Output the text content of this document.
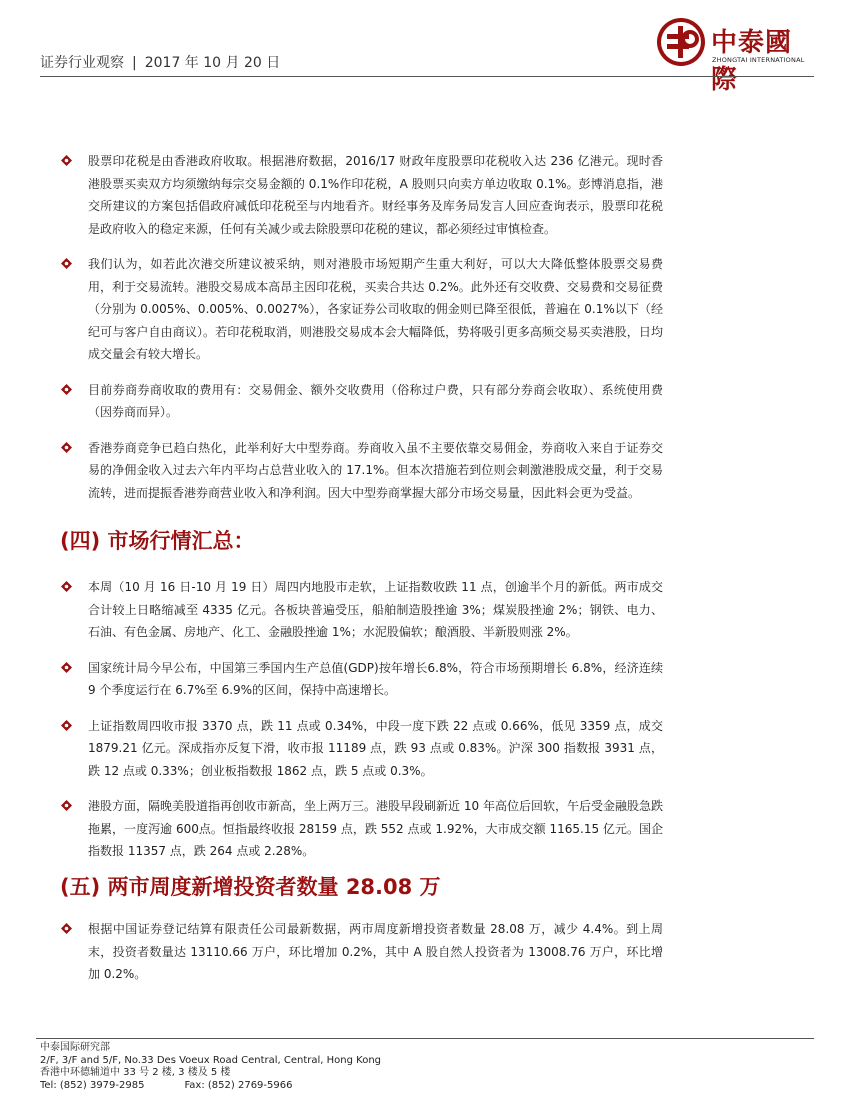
证券行业观察 | 2017 年 10 月 20 日
中泰國際
ZHONGTAI INTERNATIONAL
股票印花税是由香港政府收取。根据港府数据，2016/17 财政年度股票印花税收入达 236 亿港元。现时香港股票买卖双方均须缴纳每宗交易金额的 0.1%作印花税，A 股则只向卖方单边收取 0.1%。彭博消息指，港交所建议的方案包括倡政府减低印花税至与内地看齐。财经事务及库务局发言人回应查询表示，股票印花税是政府收入的稳定来源，任何有关减少或去除股票印花税的建议，都必须经过审慎检查。
我们认为，如若此次港交所建议被采纳，则对港股市场短期产生重大利好，可以大大降低整体股票交易费用，利于交易流转。港股交易成本高昂主因印花税，买卖合共达 0.2%。此外还有交收费、交易费和交易征费（分别为 0.005%、0.005%、0.0027%），各家证券公司收取的佣金则已降至很低，普遍在 0.1%以下（经纪可与客户自由商议）。若印花税取消，则港股交易成本会大幅降低，势将吸引更多高频交易买卖港股，日均成交量会有较大增长。
目前券商券商收取的费用有：交易佣金、额外交收费用（俗称过户费，只有部分券商会收取）、系统使用费（因券商而异）。
香港券商竞争已趋白热化，此举利好大中型券商。券商收入虽不主要依靠交易佣金，券商收入来自于证券交易的净佣金收入过去六年内平均占总营业收入的 17.1%。但本次措施若到位则会刺激港股成交量，利于交易流转，进而提振香港券商营业收入和净利润。因大中型券商掌握大部分市场交易量，因此料会更为受益。
(四) 市场行情汇总：
本周（10 月 16 日-10 月 19 日）周四内地股市走软，上证指数收跌 11 点，创逾半个月的新低。两市成交合计较上日略缩减至 4335 亿元。各板块普遍受压，船舶制造股挫逾 3%；煤炭股挫逾 2%；钢铁、电力、石油、有色金属、房地产、化工、金融股挫逾 1%；水泥股偏软；酿酒股、半新股则涨 2%。
国家统计局今早公布，中国第三季国内生产总值(GDP)按年增长6.8%，符合市场预期增长 6.8%，经济连续 9 个季度运行在 6.7%至 6.9%的区间，保持中高速增长。
上证指数周四收市报 3370 点，跌 11 点或 0.34%，中段一度下跌 22 点或 0.66%，低见 3359 点，成交 1879.21 亿元。深成指亦反复下滑，收市报 11189 点，跌 93 点或 0.83%。沪深 300 指数报 3931 点，跌 12 点或 0.33%；创业板指数报 1862 点，跌 5 点或 0.3%。
港股方面，隔晚美股道指再创收市新高，坐上两万三。港股早段刷新近 10 年高位后回软，午后受金融股急跌拖累，一度泻逾 600点。恒指最终收报 28159 点，跌 552 点或 1.92%，大市成交额 1165.15 亿元。国企指数报 11357 点，跌 264 点或 2.28%。
(五) 两市周度新增投资者数量 28.08 万
根据中国证券登记结算有限责任公司最新数据，两市周度新增投资者数量 28.08 万，减少 4.4%。到上周末，投资者数量达 13110.66 万户，环比增加 0.2%，其中 A 股自然人投资者为 13008.76 万户，环比增加 0.2%。
中泰国际研究部
2/F, 3/F and 5/F, No.33 Des Voeux Road Central, Central, Hong Kong
香港中环德辅道中 33 号 2 楼, 3 楼及 5 楼
Tel: (852) 3979-2985	Fax: (852) 2769-5966
